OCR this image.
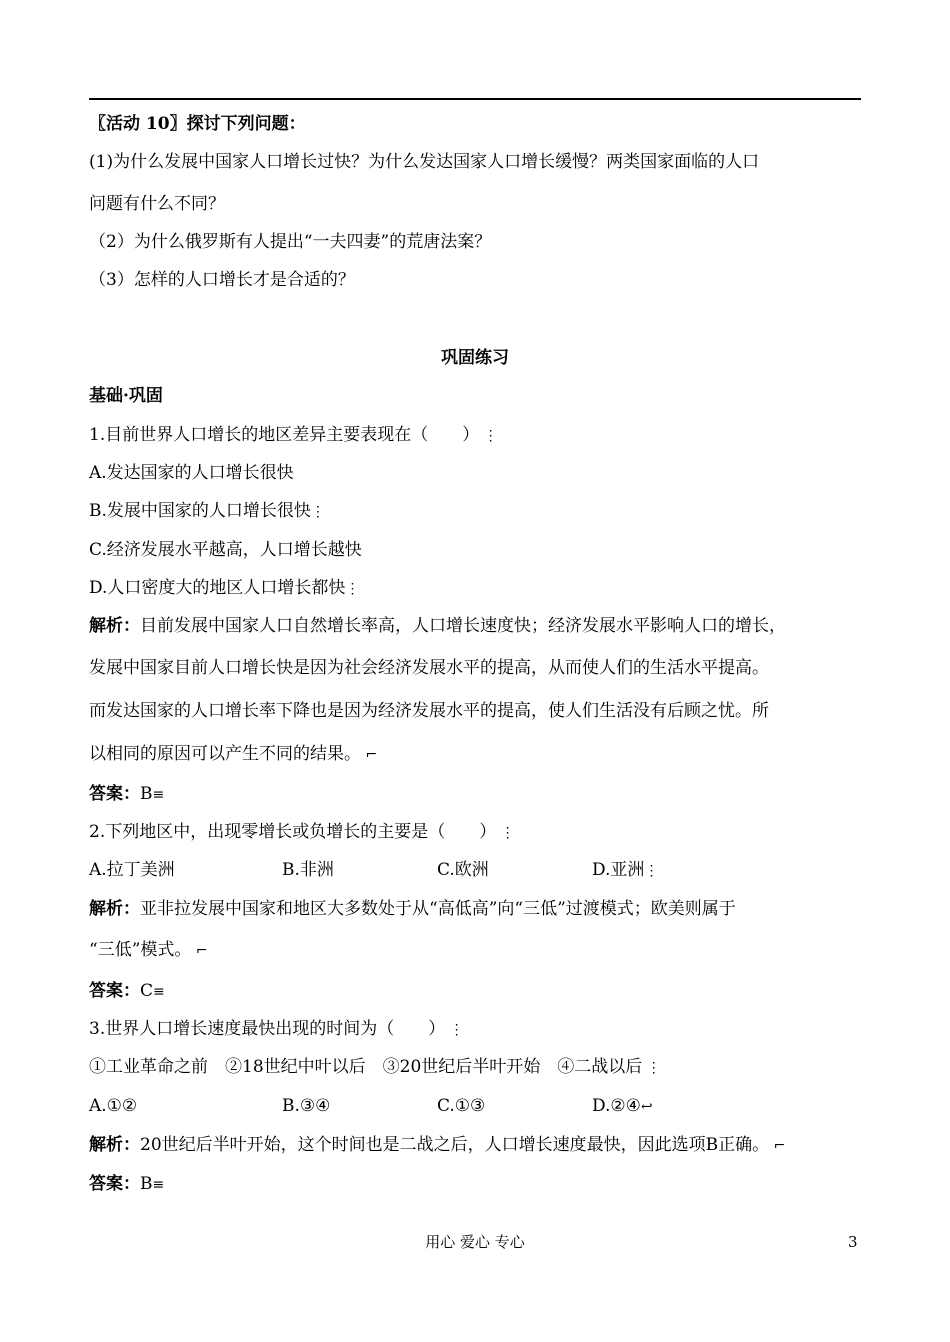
〖活动 10〗探讨下列问题：
(1)为什么发展中国家人口增长过快？为什么发达国家人口增长缓慢？两类国家面临的人口
问题有什么不同？
（2）为什么俄罗斯有人提出“一夫四妻”的荒唐法案？
（3）怎样的人口增长才是合适的？
巩固练习
基础·巩固
1.目前世界人口增长的地区差异主要表现在（　　） ⋮
A.发达国家的人口增长很快
B.发展中国家的人口增长很快⋮
C.经济发展水平越高，人口增长越快
D.人口密度大的地区人口增长都快⋮
解析：目前发展中国家人口自然增长率高，人口增长速度快；经济发展水平影响人口的增长，
发展中国家目前人口增长快是因为社会经济发展水平的提高，从而使人们的生活水平提高。
而发达国家的人口增长率下降也是因为经济发展水平的提高，使人们生活没有后顾之忧。所
以相同的原因可以产生不同的结果。 ⌐
答案：B≡
2.下列地区中，出现零增长或负增长的主要是（　　） ⋮
A.拉丁美洲	B.非洲	C.欧洲	D.亚洲⋮
解析：亚非拉发展中国家和地区大多数处于从“高低高”向“三低”过渡模式；欧美则属于
“三低”模式。 ⌐
答案：C≡
3.世界人口增长速度最快出现的时间为（　　） ⋮
①工业革命之前　②18世纪中叶以后　③20世纪后半叶开始　④二战以后 ⋮
A.①②	B.③④	C.①③	D.②④↩
解析：20世纪后半叶开始，这个时间也是二战之后，人口增长速度最快，因此选项B正确。 ⌐
答案：B≡
用心 爱心 专心	3
